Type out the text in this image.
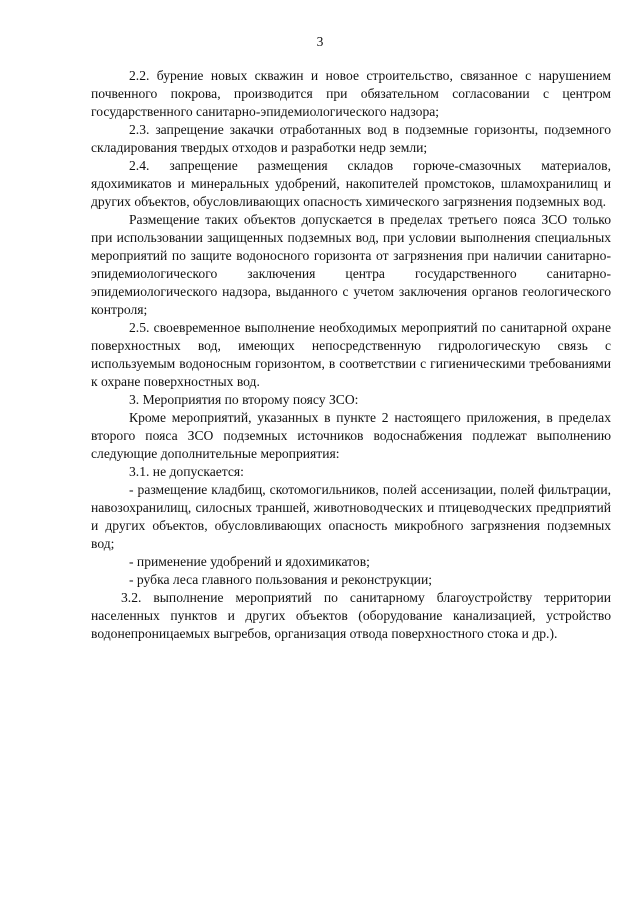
3

2.2. бурение новых скважин и новое строительство, связанное с нарушением почвенного покрова, производится при обязательном согласовании с центром государственного санитарно-эпидемиологического надзора;

2.3. запрещение закачки отработанных вод в подземные горизонты, подземного складирования твердых отходов и разработки недр земли;

2.4. запрещение размещения складов горюче-смазочных материалов, ядохимикатов и минеральных удобрений, накопителей промстоков, шламохранилищ и других объектов, обусловливающих опасность химического загрязнения подземных вод.

Размещение таких объектов допускается в пределах третьего пояса ЗСО только при использовании защищенных подземных вод, при условии выполнения специальных мероприятий по защите водоносного горизонта от загрязнения при наличии санитарно-эпидемиологического заключения центра государственного санитарно-эпидемиологического надзора, выданного с учетом заключения органов геологического контроля;

2.5. своевременное выполнение необходимых мероприятий по санитарной охране поверхностных вод, имеющих непосредственную гидрологическую связь с используемым водоносным горизонтом, в соответствии с гигиеническими требованиями к охране поверхностных вод.

3. Мероприятия по второму поясу ЗСО:

Кроме мероприятий, указанных в пункте 2 настоящего приложения, в пределах второго пояса ЗСО подземных источников водоснабжения подлежат выполнению следующие дополнительные мероприятия:

3.1. не допускается:

- размещение кладбищ, скотомогильников, полей ассенизации, полей фильтрации, навозохранилищ, силосных траншей, животноводческих и птицеводческих предприятий и других объектов, обусловливающих опасность микробного загрязнения подземных вод;

- применение удобрений и ядохимикатов;

- рубка леса главного пользования и реконструкции;

3.2. выполнение мероприятий по санитарному благоустройству территории населенных пунктов и других объектов (оборудование канализацией, устройство водонепроницаемых выгребов, организация отвода поверхностного стока и др.).
